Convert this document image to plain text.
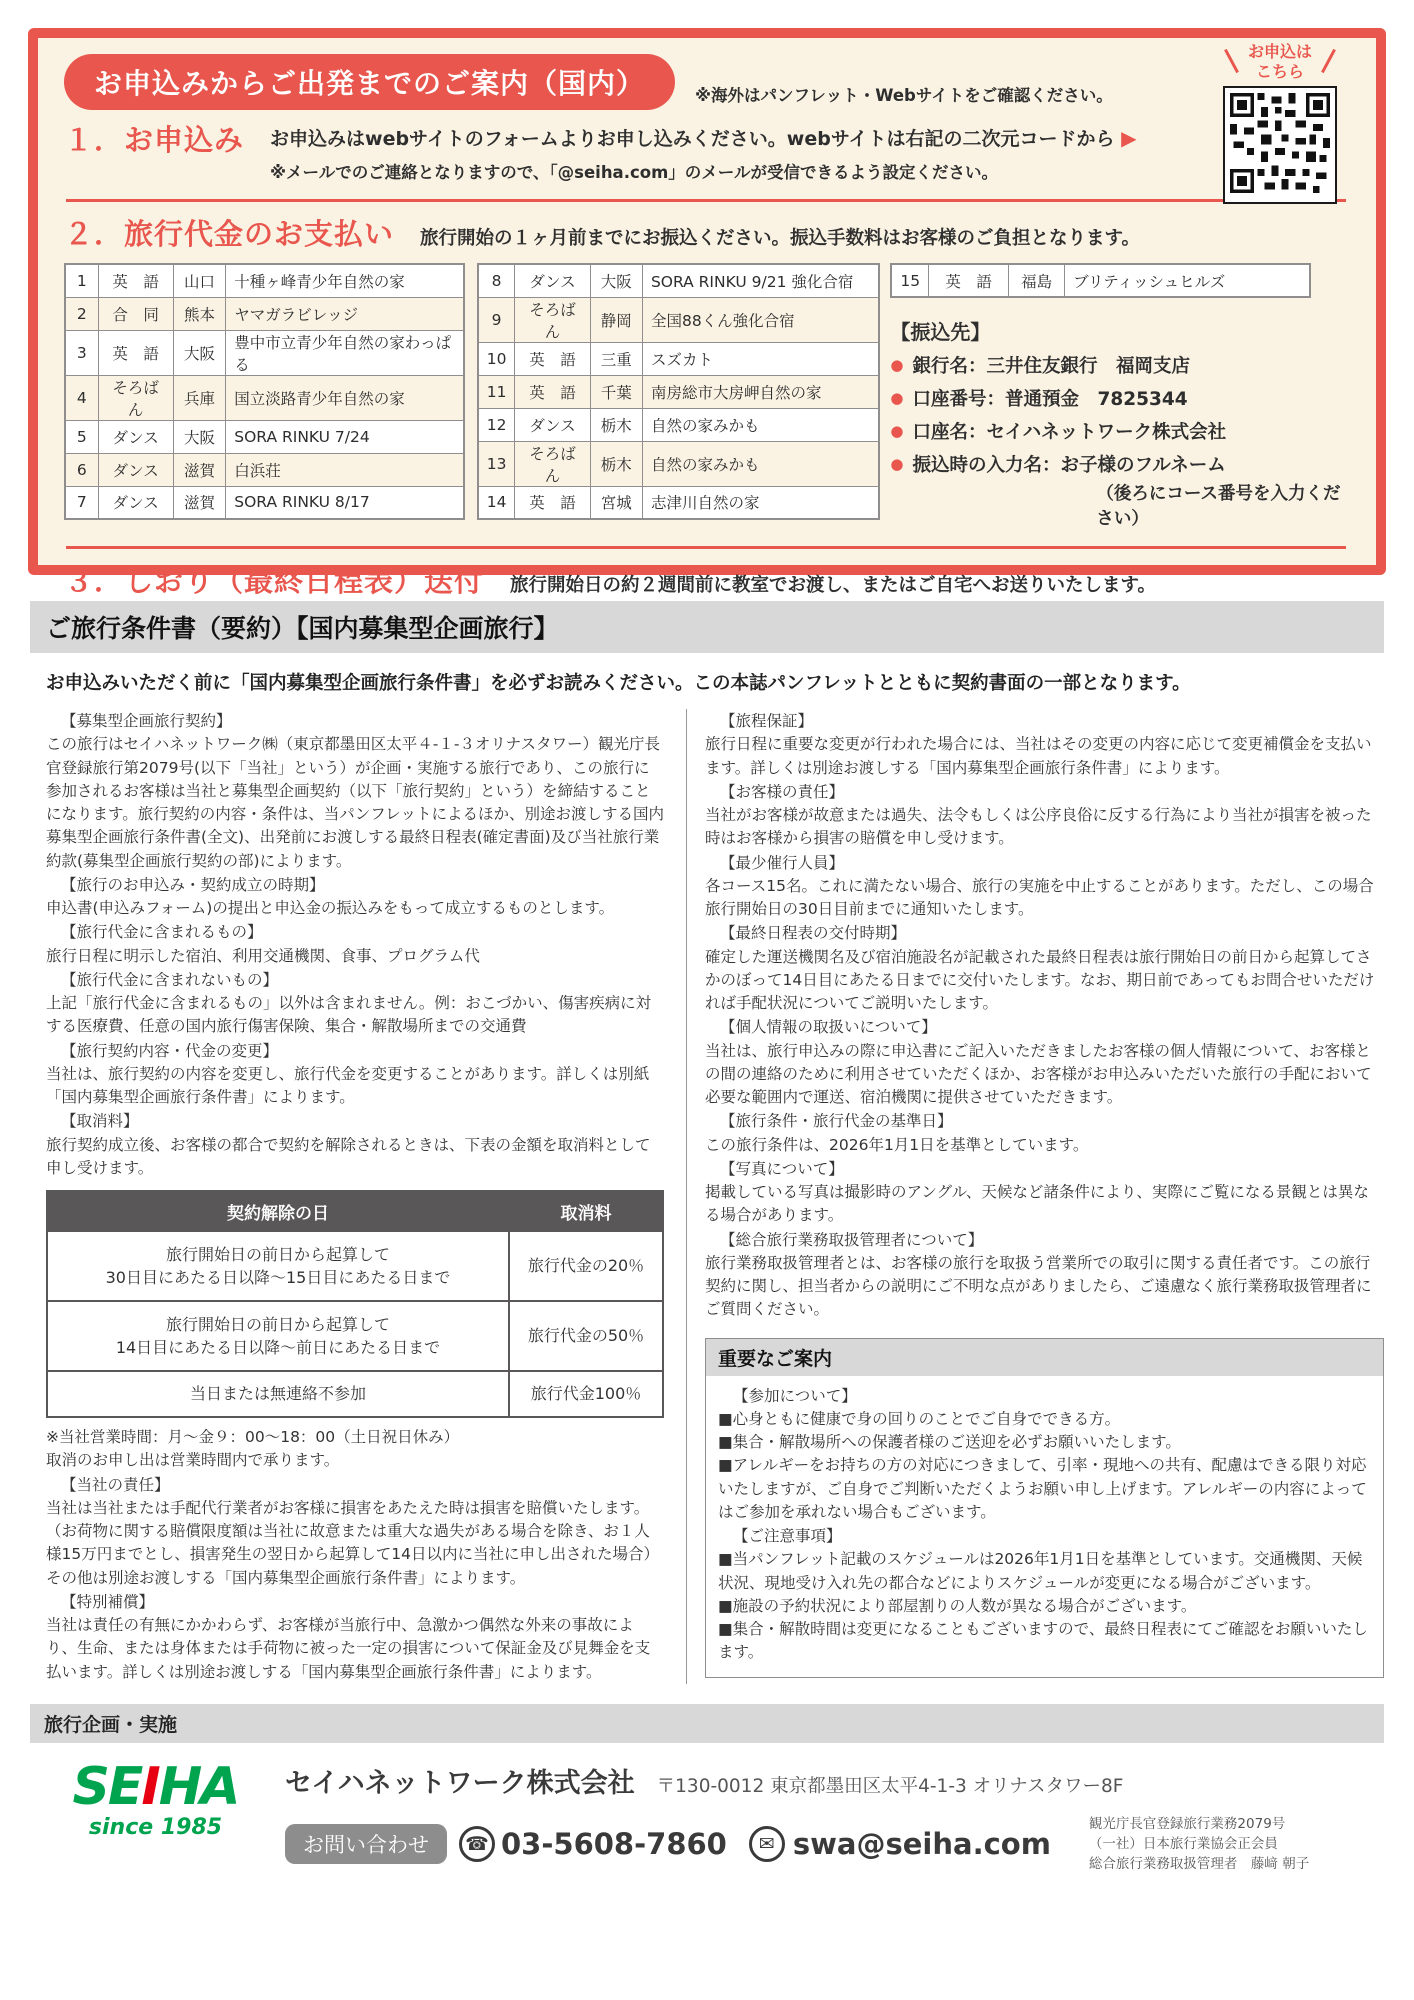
お申込は
こちら

お申込みからご出発までのご案内（国内）	※海外はパンフレット・Webサイトをご確認ください。
１．お申込み お申込みはwebサイトのフォームよりお申し込みください。webサイトは右記の二次元コードから ▶
※メールでのご連絡となりますので、「@seiha.com」のメールが受信できるよう設定ください。
２．旅行代金のお支払い 旅行開始の１ヶ月前までにお振込ください。振込手数料はお客様のご負担となります。
1	英　語	山口	十種ヶ峰青少年自然の家
2	合　同	熊本	ヤマガラビレッジ
3	英　語	大阪	豊中市立青少年自然の家わっぱる
4	そろばん	兵庫	国立淡路青少年自然の家
5	ダンス	大阪	SORA RINKU 7/24
6	ダンス	滋賀	白浜荘
7	ダンス	滋賀	SORA RINKU 8/17
8	ダンス	大阪	SORA RINKU 9/21 強化合宿
9	そろばん	静岡	全国88くん強化合宿
10	英　語	三重	スズカト
11	英　語	千葉	南房総市大房岬自然の家
12	ダンス	栃木	自然の家みかも
13	そろばん	栃木	自然の家みかも
14	英　語	宮城	志津川自然の家
15	英　語	福島	ブリティッシュヒルズ
【振込先】
● 銀行名：三井住友銀行　福岡支店
● 口座番号：普通預金　7825344
● 口座名：セイハネットワーク株式会社
● 振込時の入力名：お子様のフルネーム
（後ろにコース番号を入力ください）
３．しおり（最終日程表）送付 旅行開始日の約２週間前に教室でお渡し、またはご自宅へお送りいたします。
ご旅行条件書（要約）【国内募集型企画旅行】
お申込みいただく前に「国内募集型企画旅行条件書」を必ずお読みください。この本誌パンフレットとともに契約書面の一部となります。
【募集型企画旅行契約】
この旅行はセイハネットワーク㈱（東京都墨田区太平４-１-３オリナスタワー）観光庁長官登録旅行第2079号(以下「当社」という）が企画・実施する旅行であり、この旅行に参加されるお客様は当社と募集型企画契約（以下「旅行契約」という）を締結することになります。旅行契約の内容・条件は、当パンフレットによるほか、別途お渡しする国内募集型企画旅行条件書(全文)、出発前にお渡しする最終日程表(確定書面)及び当社旅行業約款(募集型企画旅行契約の部)によります。
【旅行のお申込み・契約成立の時期】
申込書(申込みフォーム)の提出と申込金の振込みをもって成立するものとします。
【旅行代金に含まれるもの】
旅行日程に明示した宿泊、利用交通機関、食事、プログラム代
【旅行代金に含まれないもの】
上記「旅行代金に含まれるもの」以外は含まれません。例：おこづかい、傷害疾病に対する医療費、任意の国内旅行傷害保険、集合・解散場所までの交通費
【旅行契約内容・代金の変更】
当社は、旅行契約の内容を変更し、旅行代金を変更することがあります。詳しくは別紙「国内募集型企画旅行条件書」によります。
【取消料】
旅行契約成立後、お客様の都合で契約を解除されるときは、下表の金額を取消料として申し受けます。
契約解除の日	取消料

旅行開始日の前日から起算して
30日目にあたる日以降〜15日目にあたる日まで	旅行代金の20％

旅行開始日の前日から起算して
14日目にあたる日以降〜前日にあたる日まで	旅行代金の50％

当日または無連絡不参加	旅行代金100％
※当社営業時間：月〜金９：00〜18：00（土日祝日休み）
取消のお申し出は営業時間内で承ります。
【当社の責任】
当社は当社または手配代行業者がお客様に損害をあたえた時は損害を賠償いたします。（お荷物に関する賠償限度額は当社に故意または重大な過失がある場合を除き、お１人様15万円までとし、損害発生の翌日から起算して14日以内に当社に申し出された場合）その他は別途お渡しする「国内募集型企画旅行条件書」によります。
【特別補償】
当社は責任の有無にかかわらず、お客様が当旅行中、急激かつ偶然な外来の事故により、生命、または身体または手荷物に被った一定の損害について保証金及び見舞金を支払います。詳しくは別途お渡しする「国内募集型企画旅行条件書」によります。
【旅程保証】
旅行日程に重要な変更が行われた場合には、当社はその変更の内容に応じて変更補償金を支払います。詳しくは別途お渡しする「国内募集型企画旅行条件書」によります。
【お客様の責任】
当社がお客様が故意または過失、法令もしくは公序良俗に反する行為により当社が損害を被った時はお客様から損害の賠償を申し受けます。
【最少催行人員】
各コース15名。これに満たない場合、旅行の実施を中止することがあります。ただし、この場合旅行開始日の30日目前までに通知いたします。
【最終日程表の交付時期】
確定した運送機関名及び宿泊施設名が記載された最終日程表は旅行開始日の前日から起算してさかのぼって14日目にあたる日までに交付いたします。なお、期日前であってもお問合せいただければ手配状況についてご説明いたします。
【個人情報の取扱いについて】
当社は、旅行申込みの際に申込書にご記入いただきましたお客様の個人情報について、お客様との間の連絡のために利用させていただくほか、お客様がお申込みいただいた旅行の手配において必要な範囲内で運送、宿泊機関に提供させていただきます。
【旅行条件・旅行代金の基準日】
この旅行条件は、2026年1月1日を基準としています。
【写真について】
掲載している写真は撮影時のアングル、天候など諸条件により、実際にご覧になる景観とは異なる場合があります。
【総合旅行業務取扱管理者について】
旅行業務取扱管理者とは、お客様の旅行を取扱う営業所での取引に関する責任者です。この旅行契約に関し、担当者からの説明にご不明な点がありましたら、ご遠慮なく旅行業務取扱管理者にご質問ください。
重要なご案内
【参加について】
■心身ともに健康で身の回りのことでご自身でできる方。
■集合・解散場所への保護者様のご送迎を必ずお願いいたします。
■アレルギーをお持ちの方の対応につきまして、引率・現地への共有、配慮はできる限り対応いたしますが、ご自身でご判断いただくようお願い申し上げます。アレルギーの内容によってはご参加を承れない場合もございます。
【ご注意事項】
■当パンフレット記載のスケジュールは2026年1月1日を基準としています。交通機関、天候状況、現地受け入れ先の都合などによりスケジュールが変更になる場合がございます。
■施設の予約状況により部屋割りの人数が異なる場合がございます。
■集合・解散時間は変更になることもございますので、最終日程表にてご確認をお願いいたします。
旅行企画・実施
SEIHA
since 1985
セイハネットワーク株式会社 〒130-0012 東京都墨田区太平4-1-3 オリナスタワー8F
お問い合わせ	☎ 03-5608-7860	✉ swa@seiha.com
観光庁長官登録旅行業務2079号
（一社）日本旅行業協会正会員
総合旅行業務取扱管理者　藤﨑 朝子
